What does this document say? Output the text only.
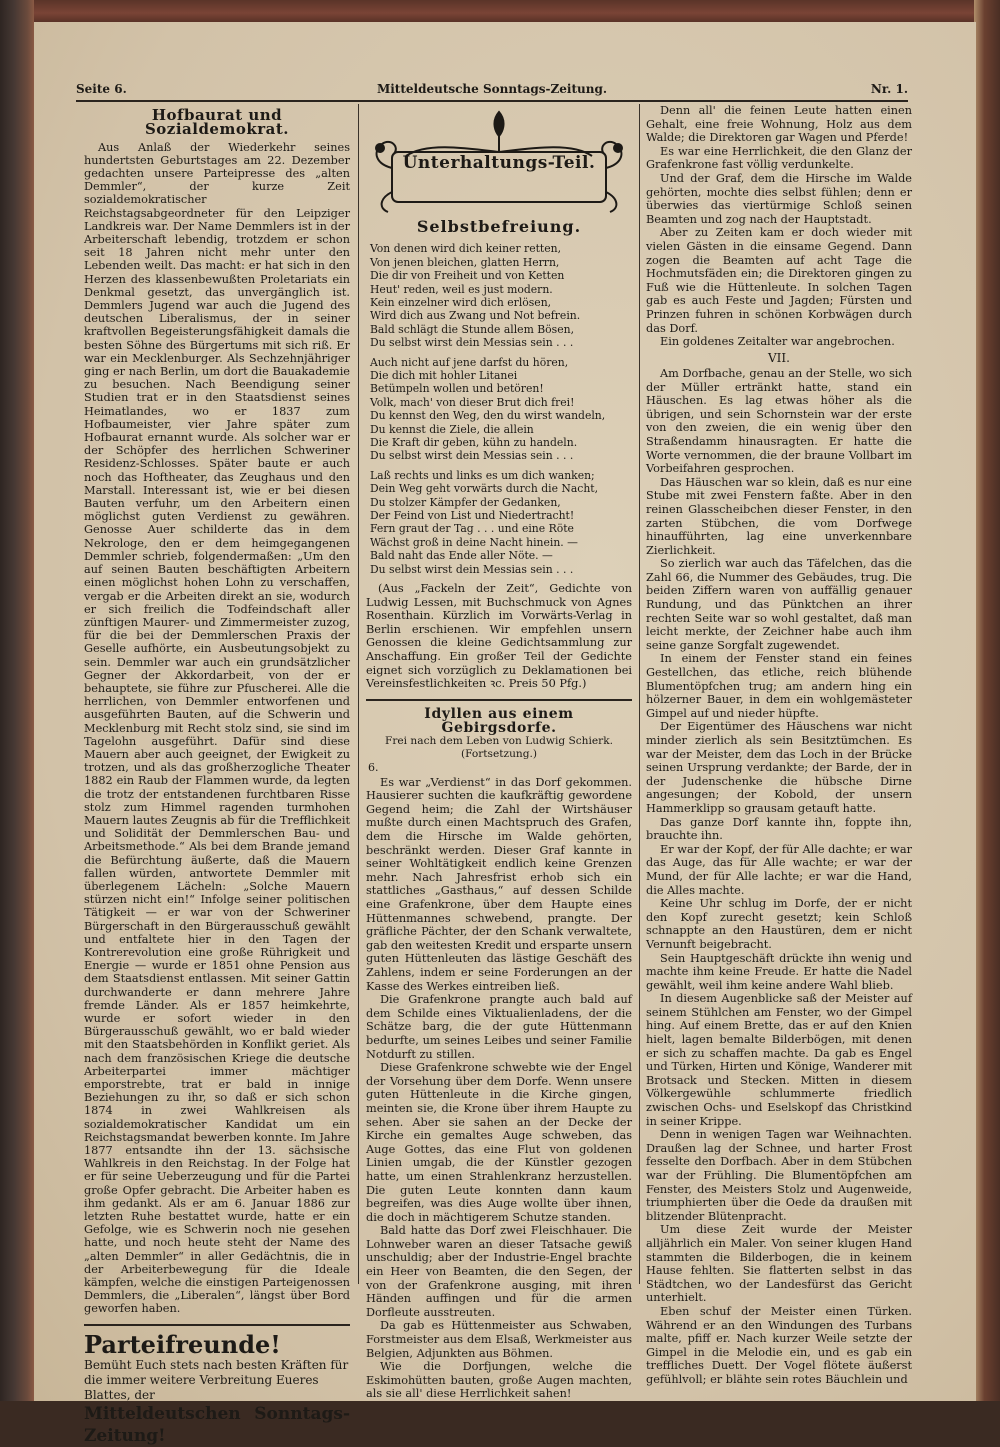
Seite 6.	Mitteldeutsche Sonntags-Zeitung.	Nr. 1.
Hofbaurat und Sozialdemokrat.

Aus Anlaß der Wiederkehr seines hundertsten Geburtstages am 22. Dezember gedachten unsere Parteipresse des „alten Demmler“, der kurze Zeit sozialdemokratischer Reichstagsabgeordneter für den Leipziger Landkreis war. Der Name Demmlers ist in der Arbeiterschaft lebendig, trotzdem er schon seit 18 Jahren nicht mehr unter den Lebenden weilt. Das macht: er hat sich in den Herzen des klassenbewußten Proletariats ein Denkmal gesetzt, das unvergänglich ist. Demmlers Jugend war auch die Jugend des deutschen Liberalismus, der in seiner kraftvollen Begeisterungsfähigkeit damals die besten Söhne des Bürgertums mit sich riß. Er war ein Mecklenburger. Als Sechzehnjähriger ging er nach Berlin, um dort die Bauakademie zu besuchen. Nach Beendigung seiner Studien trat er in den Staatsdienst seines Heimatlandes, wo er 1837 zum Hofbaumeister, vier Jahre später zum Hofbaurat ernannt wurde. Als solcher war er der Schöpfer des herrlichen Schweriner Residenz-Schlosses. Später baute er auch noch das Hoftheater, das Zeughaus und den Marstall. Interessant ist, wie er bei diesen Bauten verfuhr, um den Arbeitern einen möglichst guten Verdienst zu gewähren. Genosse Auer schilderte das in dem Nekrologe, den er dem heimgegangenen Demmler schrieb, folgendermaßen: „Um den auf seinen Bauten beschäftigten Arbeitern einen möglichst hohen Lohn zu verschaffen, vergab er die Arbeiten direkt an sie, wodurch er sich freilich die Todfeindschaft aller zünftigen Maurer- und Zimmermeister zuzog, für die bei der Demmlerschen Praxis der Geselle aufhörte, ein Ausbeutungsobjekt zu sein. Demmler war auch ein grundsätzlicher Gegner der Akkordarbeit, von der er behauptete, sie führe zur Pfuscherei. Alle die herrlichen, von Demmler entworfenen und ausgeführten Bauten, auf die Schwerin und Mecklenburg mit Recht stolz sind, sie sind im Tagelohn ausgeführt. Dafür sind diese Mauern aber auch geeignet, der Ewigkeit zu trotzen, und als das großherzogliche Theater 1882 ein Raub der Flammen wurde, da legten die trotz der entstandenen furchtbaren Risse stolz zum Himmel ragenden turmhohen Mauern lautes Zeugnis ab für die Trefflichkeit und Solidität der Demmlerschen Bau- und Arbeitsmethode.“ Als bei dem Brande jemand die Befürchtung äußerte, daß die Mauern fallen würden, antwortete Demmler mit überlegenem Lächeln: „Solche Mauern stürzen nicht ein!“ Infolge seiner politischen Tätigkeit — er war von der Schweriner Bürgerschaft in den Bürgerausschuß gewählt und entfaltete hier in den Tagen der Kontrerevolution eine große Rührigkeit und Energie — wurde er 1851 ohne Pension aus dem Staatsdienst entlassen. Mit seiner Gattin durchwanderte er dann mehrere Jahre fremde Länder. Als er 1857 heimkehrte, wurde er sofort wieder in den Bürgerausschuß gewählt, wo er bald wieder mit den Staatsbehörden in Konflikt geriet. Als nach dem französischen Kriege die deutsche Arbeiterpartei immer mächtiger emporstrebte, trat er bald in innige Beziehungen zu ihr, so daß er sich schon 1874 in zwei Wahlkreisen als sozialdemokratischer Kandidat um ein Reichstagsmandat bewerben konnte. Im Jahre 1877 entsandte ihn der 13. sächsische Wahlkreis in den Reichstag. In der Folge hat er für seine Ueberzeugung und für die Partei große Opfer gebracht. Die Arbeiter haben es ihm gedankt. Als er am 6. Januar 1886 zur letzten Ruhe bestattet wurde, hatte er ein Gefolge, wie es Schwerin noch nie gesehen hatte, und noch heute steht der Name des „alten Demmler“ in aller Gedächtnis, die in der Arbeiterbewegung für die Ideale kämpfen, welche die einstigen Parteigenossen Demmlers, die „Liberalen“, längst über Bord geworfen haben.

Parteifreunde!
Bemüht Euch stets nach besten Kräften für die immer weitere Verbreitung Eueres Blattes, der
Mitteldeutschen Sonntags-Zeitung!
Unterhaltungs-Teil.
Selbstbefreiung.
Von denen wird dich keiner retten,
Von jenen bleichen, glatten Herrn,
Die dir von Freiheit und von Ketten
Heut' reden, weil es just modern.
Kein einzelner wird dich erlösen,
Wird dich aus Zwang und Not befrein.
Bald schlägt die Stunde allem Bösen,
Du selbst wirst dein Messias sein . . .
Auch nicht auf jene darfst du hören,
Die dich mit hohler Litanei
Betümpeln wollen und betören!
Volk, mach' von dieser Brut dich frei!
Du kennst den Weg, den du wirst wandeln,
Du kennst die Ziele, die allein
Die Kraft dir geben, kühn zu handeln.
Du selbst wirst dein Messias sein . . .
Laß rechts und links es um dich wanken;
Dein Weg geht vorwärts durch die Nacht,
Du stolzer Kämpfer der Gedanken,
Der Feind von List und Niedertracht!
Fern graut der Tag . . . und eine Röte
Wächst groß in deine Nacht hinein. —
Bald naht das Ende aller Nöte. —
Du selbst wirst dein Messias sein . . .

(Aus „Fackeln der Zeit“, Gedichte von Ludwig Lessen, mit Buchschmuck von Agnes Rosenthain. Kürzlich im Vorwärts-Verlag in Berlin erschienen. Wir empfehlen unsern Genossen die kleine Gedichtsammlung zur Anschaffung. Ein großer Teil der Gedichte eignet sich vorzüglich zu Deklamationen bei Vereinsfestlichkeiten ꝛc. Preis 50 Pfg.)

Idyllen aus einem Gebirgsdorfe.
Frei nach dem Leben von Ludwig Schierk.
(Fortsetzung.)
6.

Es war „Verdienst“ in das Dorf gekommen. Hausierer suchten die kaufkräftig gewordene Gegend heim; die Zahl der Wirtshäuser mußte durch einen Machtspruch des Grafen, dem die Hirsche im Walde gehörten, beschränkt werden. Dieser Graf kannte in seiner Wohltätigkeit endlich keine Grenzen mehr. Nach Jahresfrist erhob sich ein stattliches „Gasthaus,“ auf dessen Schilde eine Grafenkrone, über dem Haupte eines Hüttenmannes schwebend, prangte. Der gräfliche Pächter, der den Schank verwaltete, gab den weitesten Kredit und ersparte unsern guten Hüttenleuten das lästige Geschäft des Zahlens, indem er seine Forderungen an der Kasse des Werkes eintreiben ließ.

Die Grafenkrone prangte auch bald auf dem Schilde eines Viktualienladens, der die Schätze barg, die der gute Hüttenmann bedurfte, um seines Leibes und seiner Familie Notdurft zu stillen.

Diese Grafenkrone schwebte wie der Engel der Vorsehung über dem Dorfe. Wenn unsere guten Hüttenleute in die Kirche gingen, meinten sie, die Krone über ihrem Haupte zu sehen. Aber sie sahen an der Decke der Kirche ein gemaltes Auge schweben, das Auge Gottes, das eine Flut von goldenen Linien umgab, die der Künstler gezogen hatte, um einen Strahlenkranz herzustellen. Die guten Leute konnten dann kaum begreifen, was dies Auge wollte über ihnen, die doch in mächtigerem Schutze standen.

Bald hatte das Dorf zwei Fleischhauer. Die Lohnweber waren an dieser Tatsache gewiß unschuldig; aber der Industrie-Engel brachte ein Heer von Beamten, die den Segen, der von der Grafenkrone ausging, mit ihren Händen auffingen und für die armen Dorfleute ausstreuten.

Da gab es Hüttenmeister aus Schwaben, Forstmeister aus dem Elsaß, Werkmeister aus Belgien, Adjunkten aus Böhmen.

Wie die Dorfjungen, welche die Eskimohütten bauten, große Augen machten, als sie all' diese Herrlichkeit sahen!

Denn all' die feinen Leute hatten einen Gehalt, eine freie Wohnung, Holz aus dem Walde; die Direktoren gar Wagen und Pferde!

Es war eine Herrlichkeit, die den Glanz der Grafenkrone fast völlig verdunkelte.

Und der Graf, dem die Hirsche im Walde gehörten, mochte dies selbst fühlen; denn er überwies das viertürmige Schloß seinen Beamten und zog nach der Hauptstadt.

Aber zu Zeiten kam er doch wieder mit vielen Gästen in die einsame Gegend. Dann zogen die Beamten auf acht Tage die Hochmutsfäden ein; die Direktoren gingen zu Fuß wie die Hüttenleute. In solchen Tagen gab es auch Feste und Jagden; Fürsten und Prinzen fuhren in schönen Korbwägen durch das Dorf.

Ein goldenes Zeitalter war angebrochen.

VII.

Am Dorfbache, genau an der Stelle, wo sich der Müller ertränkt hatte, stand ein Häuschen. Es lag etwas höher als die übrigen, und sein Schornstein war der erste von den zweien, die ein wenig über den Straßendamm hinausragten. Er hatte die Worte vernommen, die der braune Vollbart im Vorbeifahren gesprochen.

Das Häuschen war so klein, daß es nur eine Stube mit zwei Fenstern faßte. Aber in den reinen Glasscheibchen dieser Fenster, in den zarten Stübchen, die vom Dorfwege hinaufführten, lag eine unverkennbare Zierlichkeit.

So zierlich war auch das Täfelchen, das die Zahl 66, die Nummer des Gebäudes, trug. Die beiden Ziffern waren von auffällig genauer Rundung, und das Pünktchen an ihrer rechten Seite war so wohl gestaltet, daß man leicht merkte, der Zeichner habe auch ihm seine ganze Sorgfalt zugewendet.

In einem der Fenster stand ein feines Gestellchen, das etliche, reich blühende Blumentöpfchen trug; am andern hing ein hölzerner Bauer, in dem ein wohlgemästeter Gimpel auf und nieder hüpfte.

Der Eigentümer des Häuschens war nicht minder zierlich als sein Besitztümchen. Es war der Meister, dem das Loch in der Brücke seinen Ursprung verdankte; der Barde, der in der Judenschenke die hübsche Dirne angesungen; der Kobold, der unsern Hammerklipp so grausam getauft hatte.

Das ganze Dorf kannte ihn, foppte ihn, brauchte ihn.

Er war der Kopf, der für Alle dachte; er war das Auge, das für Alle wachte; er war der Mund, der für Alle lachte; er war die Hand, die Alles machte.

Keine Uhr schlug im Dorfe, der er nicht den Kopf zurecht gesetzt; kein Schloß schnappte an den Haustüren, dem er nicht Vernunft beigebracht.

Sein Hauptgeschäft drückte ihn wenig und machte ihm keine Freude. Er hatte die Nadel gewählt, weil ihm keine andere Wahl blieb.

In diesem Augenblicke saß der Meister auf seinem Stühlchen am Fenster, wo der Gimpel hing. Auf einem Brette, das er auf den Knien hielt, lagen bemalte Bilderbögen, mit denen er sich zu schaffen machte. Da gab es Engel und Türken, Hirten und Könige, Wanderer mit Brotsack und Stecken. Mitten in diesem Völkergewühle schlummerte friedlich zwischen Ochs- und Eselskopf das Christkind in seiner Krippe.

Denn in wenigen Tagen war Weihnachten. Draußen lag der Schnee, und harter Frost fesselte den Dorfbach. Aber in dem Stübchen war der Frühling. Die Blumentöpfchen am Fenster, des Meisters Stolz und Augenweide, triumphierten über die Oede da draußen mit blitzender Blütenpracht.

Um diese Zeit wurde der Meister alljährlich ein Maler. Von seiner klugen Hand stammten die Bilderbogen, die in keinem Hause fehlten. Sie flatterten selbst in das Städtchen, wo der Landesfürst das Gericht unterhielt.

Eben schuf der Meister einen Türken. Während er an den Windungen des Turbans malte, pfiff er. Nach kurzer Weile setzte der Gimpel in die Melodie ein, und es gab ein treffliches Duett. Der Vogel flötete äußerst gefühlvoll; er blähte sein rotes Bäuchlein und
